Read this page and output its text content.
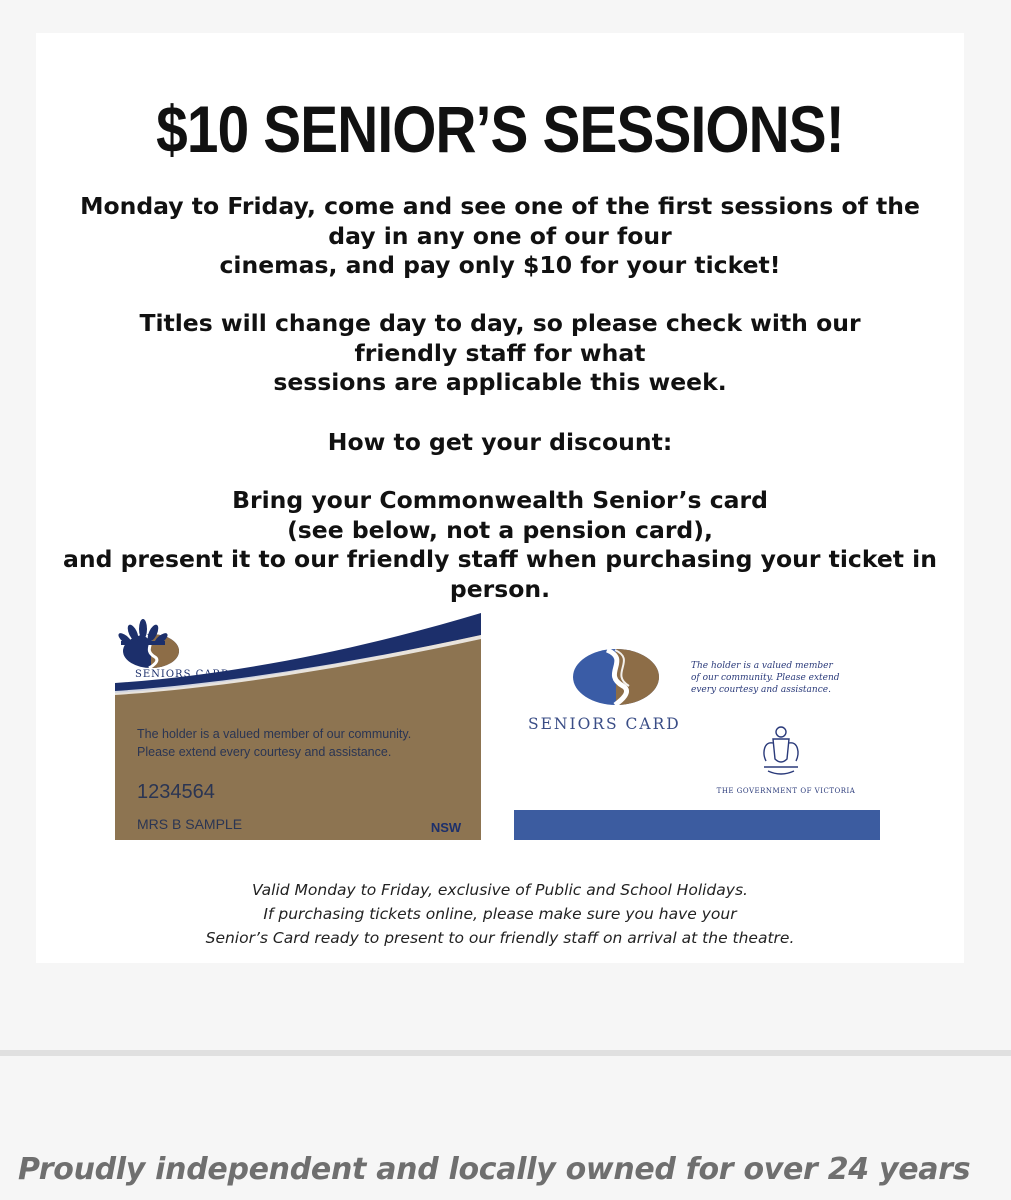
$10 SENIOR’S SESSIONS!
Monday to Friday, come and see one of the first sessions of the
day in any one of our four
cinemas, and pay only $10 for your ticket!
Titles will change day to day, so please check with our
friendly staff for what
sessions are applicable this week.
How to get your discount:
Bring your Commonwealth Senior’s card
(see below, not a pension card),
and present it to our friendly staff when purchasing your ticket in
person.
SENIORS CARD
The holder is a valued member of our community.
Please extend every courtesy and assistance.
1234564
MRS B SAMPLE	NSW
SENIORS CARD
The holder is a valued member
of our community. Please extend
every courtesy and assistance.
THE GOVERNMENT OF VICTORIA
Valid Monday to Friday, exclusive of Public and School Holidays.
If purchasing tickets online, please make sure you have your
Senior’s Card ready to present to our friendly staff on arrival at the theatre.
Proudly independent and locally owned for over 24 years
